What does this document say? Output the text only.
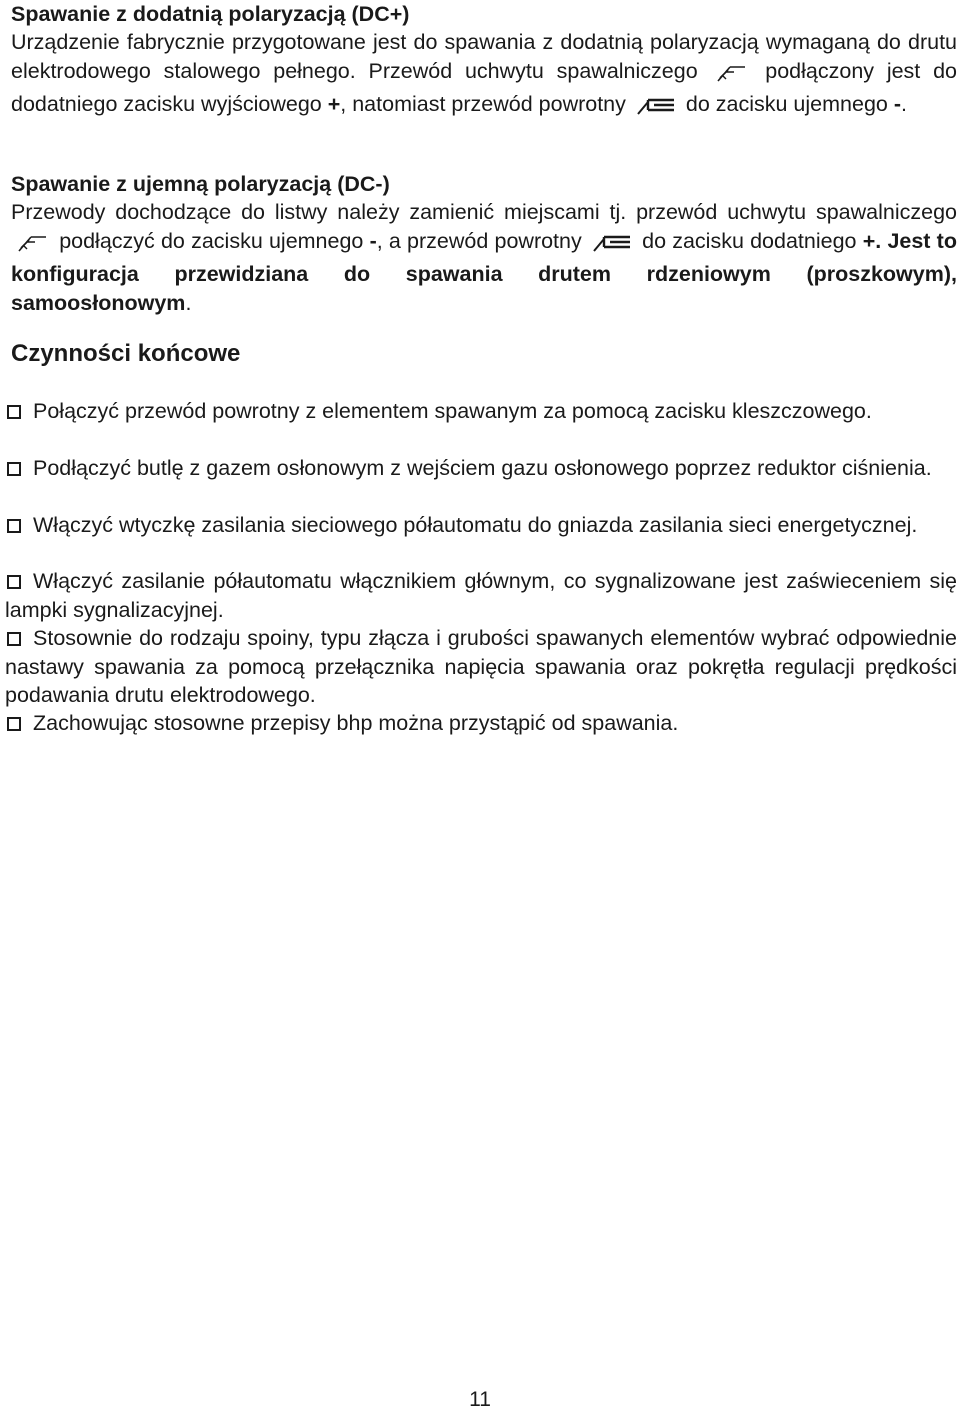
Spawanie z dodatnią polaryzacją (DC+)
Urządzenie fabrycznie przygotowane jest do spawania z dodatnią polaryzacją wymaganą do drutu elektrodowego stalowego pełnego. Przewód uchwytu spawalniczego	podłączony jest do dodatniego zacisku wyjściowego +, natomiast przewód powrotny	do zacisku ujemnego -.
Spawanie z ujemną polaryzacją (DC-)
Przewody dochodzące do listwy należy zamienić miejscami tj. przewód uchwytu spawalniczego  podłączyć do zacisku ujemnego -, a przewód powrotny	do zacisku dodatniego +. Jest to konfiguracja przewidziana do spawania drutem rdzeniowym (proszkowym), samoosłonowym.
Czynności końcowe
Połączyć przewód powrotny z elementem spawanym za pomocą zacisku kleszczowego.
Podłączyć butlę z gazem osłonowym z wejściem gazu osłonowego poprzez reduktor ciśnienia.
Włączyć wtyczkę zasilania sieciowego półautomatu do gniazda zasilania sieci energetycznej.
Włączyć zasilanie półautomatu włącznikiem głównym, co sygnalizowane jest zaświeceniem się lampki sygnalizacyjnej.
Stosownie do rodzaju spoiny, typu złącza i grubości spawanych elementów wybrać odpowiednie nastawy spawania za pomocą przełącznika napięcia spawania oraz pokrętła regulacji prędkości podawania drutu elektrodowego.
Zachowując stosowne przepisy bhp można przystąpić od spawania.
11
